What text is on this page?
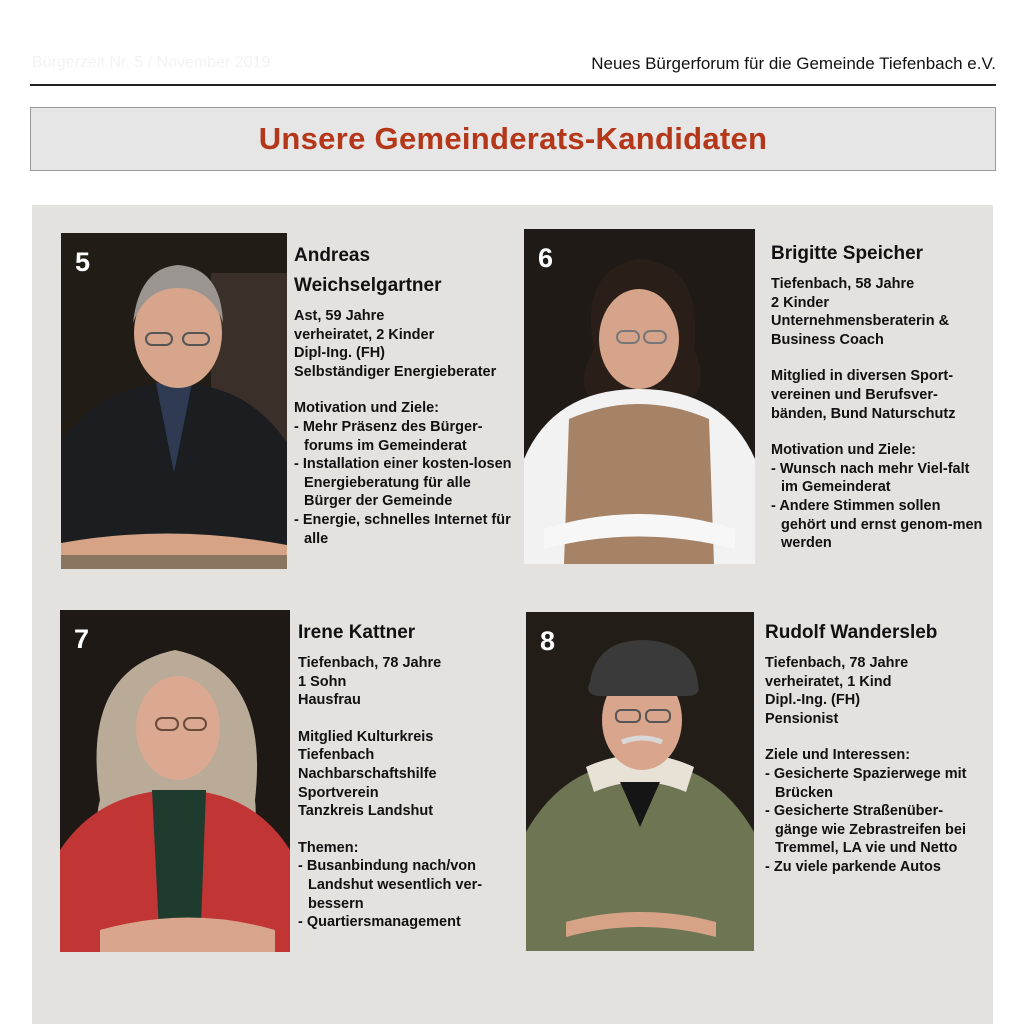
Bürgerzeit Nr. 5 / November 2019	Neues Bürgerforum für die Gemeinde Tiefenbach e.V.
Unsere Gemeinderats-Kandidaten
5	Andreas
Weichselgartner
Ast, 59 Jahre
verheiratet, 2 Kinder
Dipl-Ing. (FH)
Selbständiger Energieberater
Motivation und Ziele:
- Mehr Präsenz des Bürger-forums im Gemeinderat
- Installation einer kosten-losen Energieberatung für alle Bürger der Gemeinde
- Energie, schnelles Internet für alle
6	Brigitte Speicher
Tiefenbach, 58 Jahre
2 Kinder
Unternehmensberaterin &
Business Coach
Mitglied in diversen Sport-
vereinen und Berufsver-
bänden, Bund Naturschutz
Motivation und Ziele:
- Wunsch nach mehr Viel-falt im Gemeinderat
- Andere Stimmen sollen gehört und ernst genom-men werden
7	Irene Kattner
Tiefenbach, 78 Jahre
1 Sohn
Hausfrau
Mitglied Kulturkreis
Tiefenbach
Nachbarschaftshilfe
Sportverein
Tanzkreis Landshut
Themen:
- Busanbindung nach/von Landshut wesentlich ver-bessern
- Quartiersmanagement
8	Rudolf Wandersleb
Tiefenbach, 78 Jahre
verheiratet, 1 Kind
Dipl.-Ing. (FH)
Pensionist
Ziele und Interessen:
- Gesicherte Spazierwege mit Brücken
- Gesicherte Straßenüber-gänge wie Zebrastreifen bei Tremmel, LA vie und Netto
- Zu viele parkende Autos
